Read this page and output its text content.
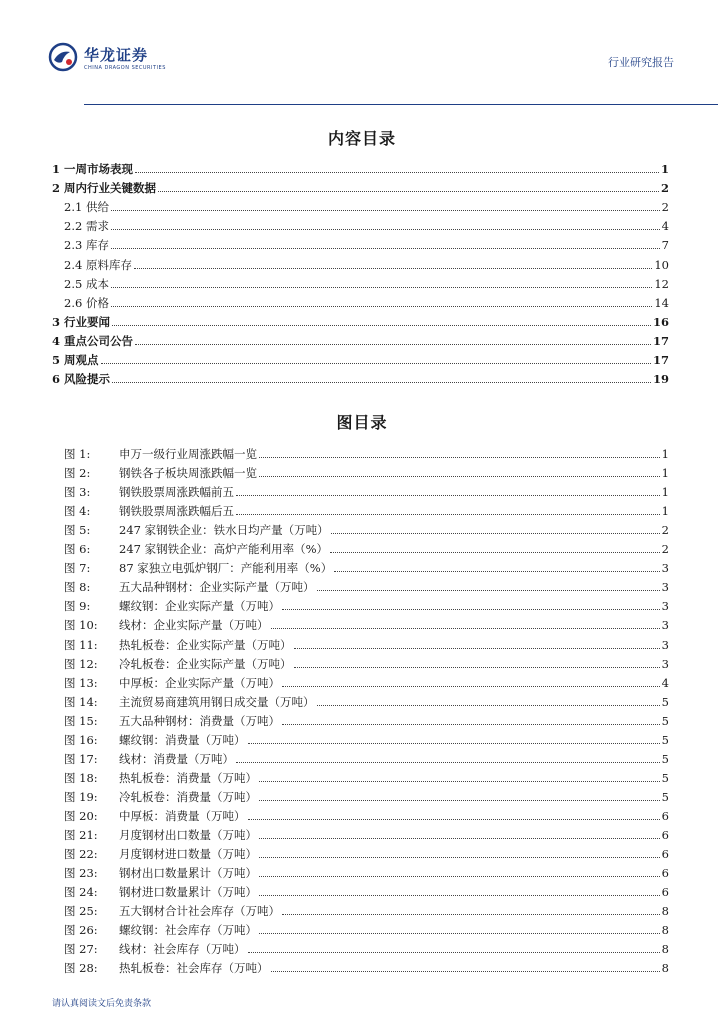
华龙证券
CHINA DRAGON SECURITIES	行业研究报告
内容目录
1 一周市场表现	1
2 周内行业关键数据	2
2.1 供给	2
2.2 需求	4
2.3 库存	7
2.4 原料库存	10
2.5 成本	12
2.6 价格	14
3 行业要闻	16
4 重点公司公告	17
5 周观点	17
6 风险提示	19
图目录
图 1:	申万一级行业周涨跌幅一览	1
图 2:	钢铁各子板块周涨跌幅一览	1
图 3:	钢铁股票周涨跌幅前五	1
图 4:	钢铁股票周涨跌幅后五	1
图 5:	247 家钢铁企业：铁水日均产量（万吨）	2
图 6:	247 家钢铁企业：高炉产能利用率（%）	2
图 7:	87 家独立电弧炉钢厂：产能利用率（%）	3
图 8:	五大品种钢材：企业实际产量（万吨）	3
图 9:	螺纹钢：企业实际产量（万吨）	3
图 10:	线材：企业实际产量（万吨）	3
图 11:	热轧板卷：企业实际产量（万吨）	3
图 12:	冷轧板卷：企业实际产量（万吨）	3
图 13:	中厚板：企业实际产量（万吨）	4
图 14:	主流贸易商建筑用钢日成交量（万吨）	5
图 15:	五大品种钢材：消费量（万吨）	5
图 16:	螺纹钢：消费量（万吨）	5
图 17:	线材：消费量（万吨）	5
图 18:	热轧板卷：消费量（万吨）	5
图 19:	冷轧板卷：消费量（万吨）	5
图 20:	中厚板：消费量（万吨）	6
图 21:	月度钢材出口数量（万吨）	6
图 22:	月度钢材进口数量（万吨）	6
图 23:	钢材出口数量累计（万吨）	6
图 24:	钢材进口数量累计（万吨）	6
图 25:	五大钢材合计社会库存（万吨）	8
图 26:	螺纹钢：社会库存（万吨）	8
图 27:	线材：社会库存（万吨）	8
图 28:	热轧板卷：社会库存（万吨）	8
请认真阅读文后免责条款
